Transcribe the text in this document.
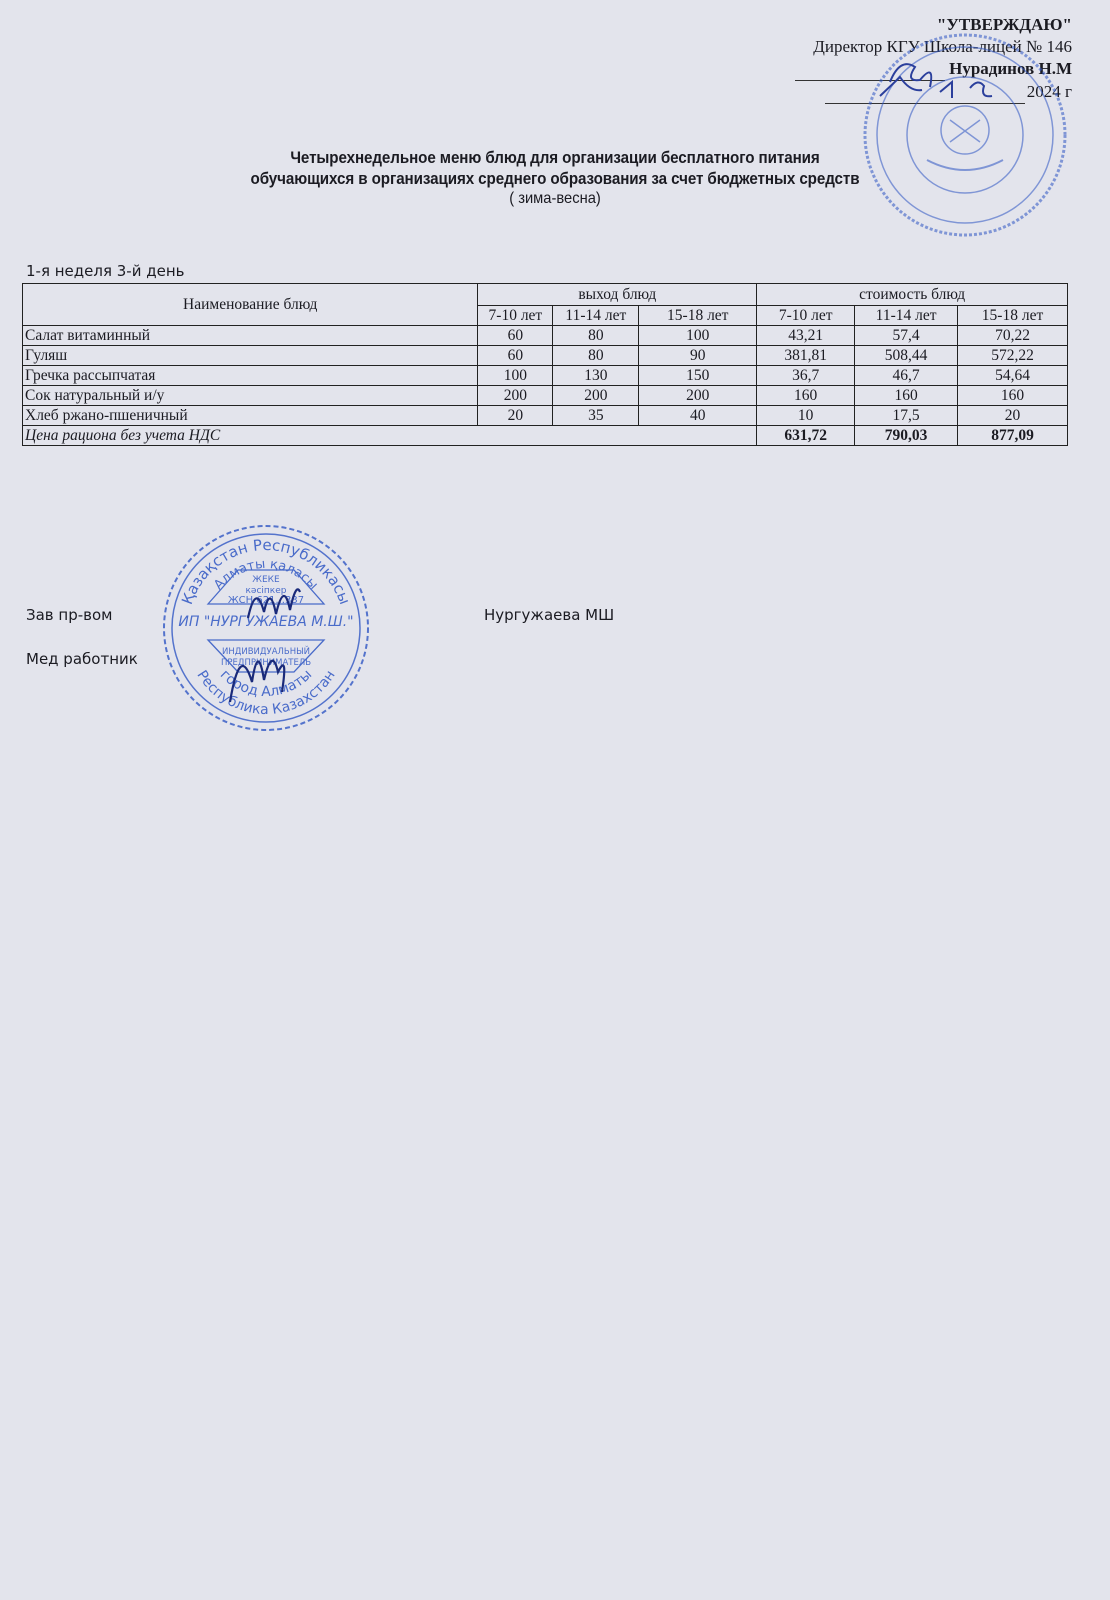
"УТВЕРЖДАЮ"
Директор КГУ Школа-лицей № 146
Нурадинов Н.М
2024 г
Четырехнедельное меню блюд для организации бесплатного питания
обучающихся в организациях среднего образования за счет бюджетных средств
( зима-весна)
1-я неделя 3-й день
Наименование блюд	выход блюд			стоимость блюд		
	7-10 лет	11-14 лет	15-18 лет	7-10 лет	11-14 лет	15-18 лет
Салат витаминный	60	80	100	43,21	57,4	70,22
Гуляш	60	80	90	381,81	508,44	572,22
Гречка рассыпчатая	100	130	150	36,7	46,7	54,64
Сок натуральный и/у	200	200	200	160	160	160
Хлеб ржано-пшеничный	20	35	40	10	17,5	20
Цена рациона без учета НДС				631,72	790,03	877,09
Зав пр-вом	Нургужаева МШ
Мед работник
Қазақстан Республикасы
Алматы қаласы
ЖЕКЕ
кәсіпкер
ЖСН 621...337
ИП "НУРГУЖАЕВА М.Ш."
ИНДИВИДУАЛЬНЫЙ
ПРЕДПРИНИМАТЕЛЬ
город Алматы
Республика Казахстан
